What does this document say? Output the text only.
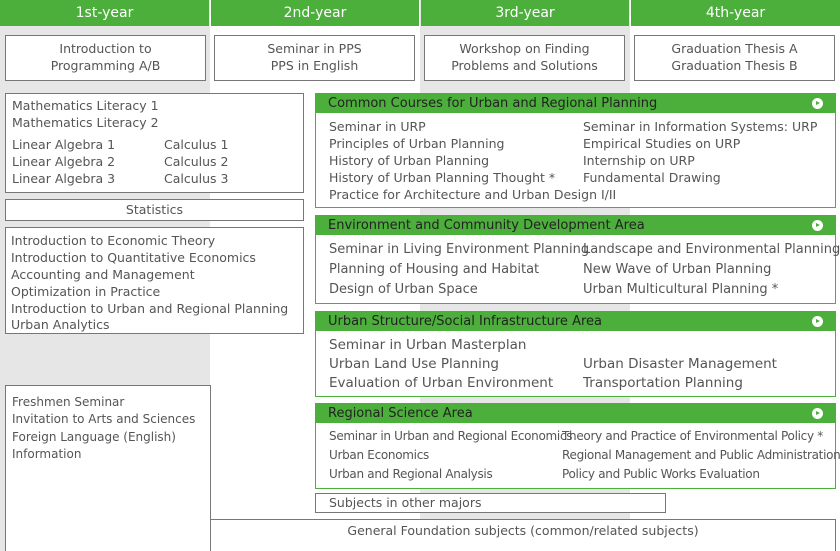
1st-year	2nd-year	3rd-year	4th-year
Introduction to
Programming A/B
Seminar in PPS
PPS in English
Workshop on Finding
Problems and Solutions
Graduation Thesis A
Graduation Thesis B
Mathematics Literacy 1
Mathematics Literacy 2
Linear Algebra 1
Linear Algebra 2
Linear Algebra 3
Calculus 1
Calculus 2
Calculus 3
Statistics
Introduction to Economic Theory
Introduction to Quantitative Economics
Accounting and Management
Optimization in Practice
Introduction to Urban and Regional Planning
Urban Analytics
Freshmen Seminar
Invitation to Arts and Sciences
Foreign Language (English)
Information
General Foundation subjects (common/related subjects)
Common Courses for Urban and Regional Planning
Seminar in URP
Principles of Urban Planning
History of Urban Planning
History of Urban Planning Thought *
Practice for Architecture and Urban Design I/II
Seminar in Information Systems: URP
Empirical Studies on URP
Internship on URP
Fundamental Drawing
Environment and Community Development Area
Seminar in Living Environment Planning
Planning of Housing and Habitat
Design of Urban Space
Landscape and Environmental Planning
New Wave of Urban Planning
Urban Multicultural Planning *
Urban Structure/Social Infrastructure Area
Seminar in Urban Masterplan
Urban Land Use Planning
Evaluation of Urban Environment
Urban Disaster Management
Transportation Planning
Regional Science Area
Seminar in Urban and Regional Economics
Urban Economics
Urban and Regional Analysis
Theory and Practice of Environmental Policy *
Regional Management and Public Administration
Policy and Public Works Evaluation
Subjects in other majors
